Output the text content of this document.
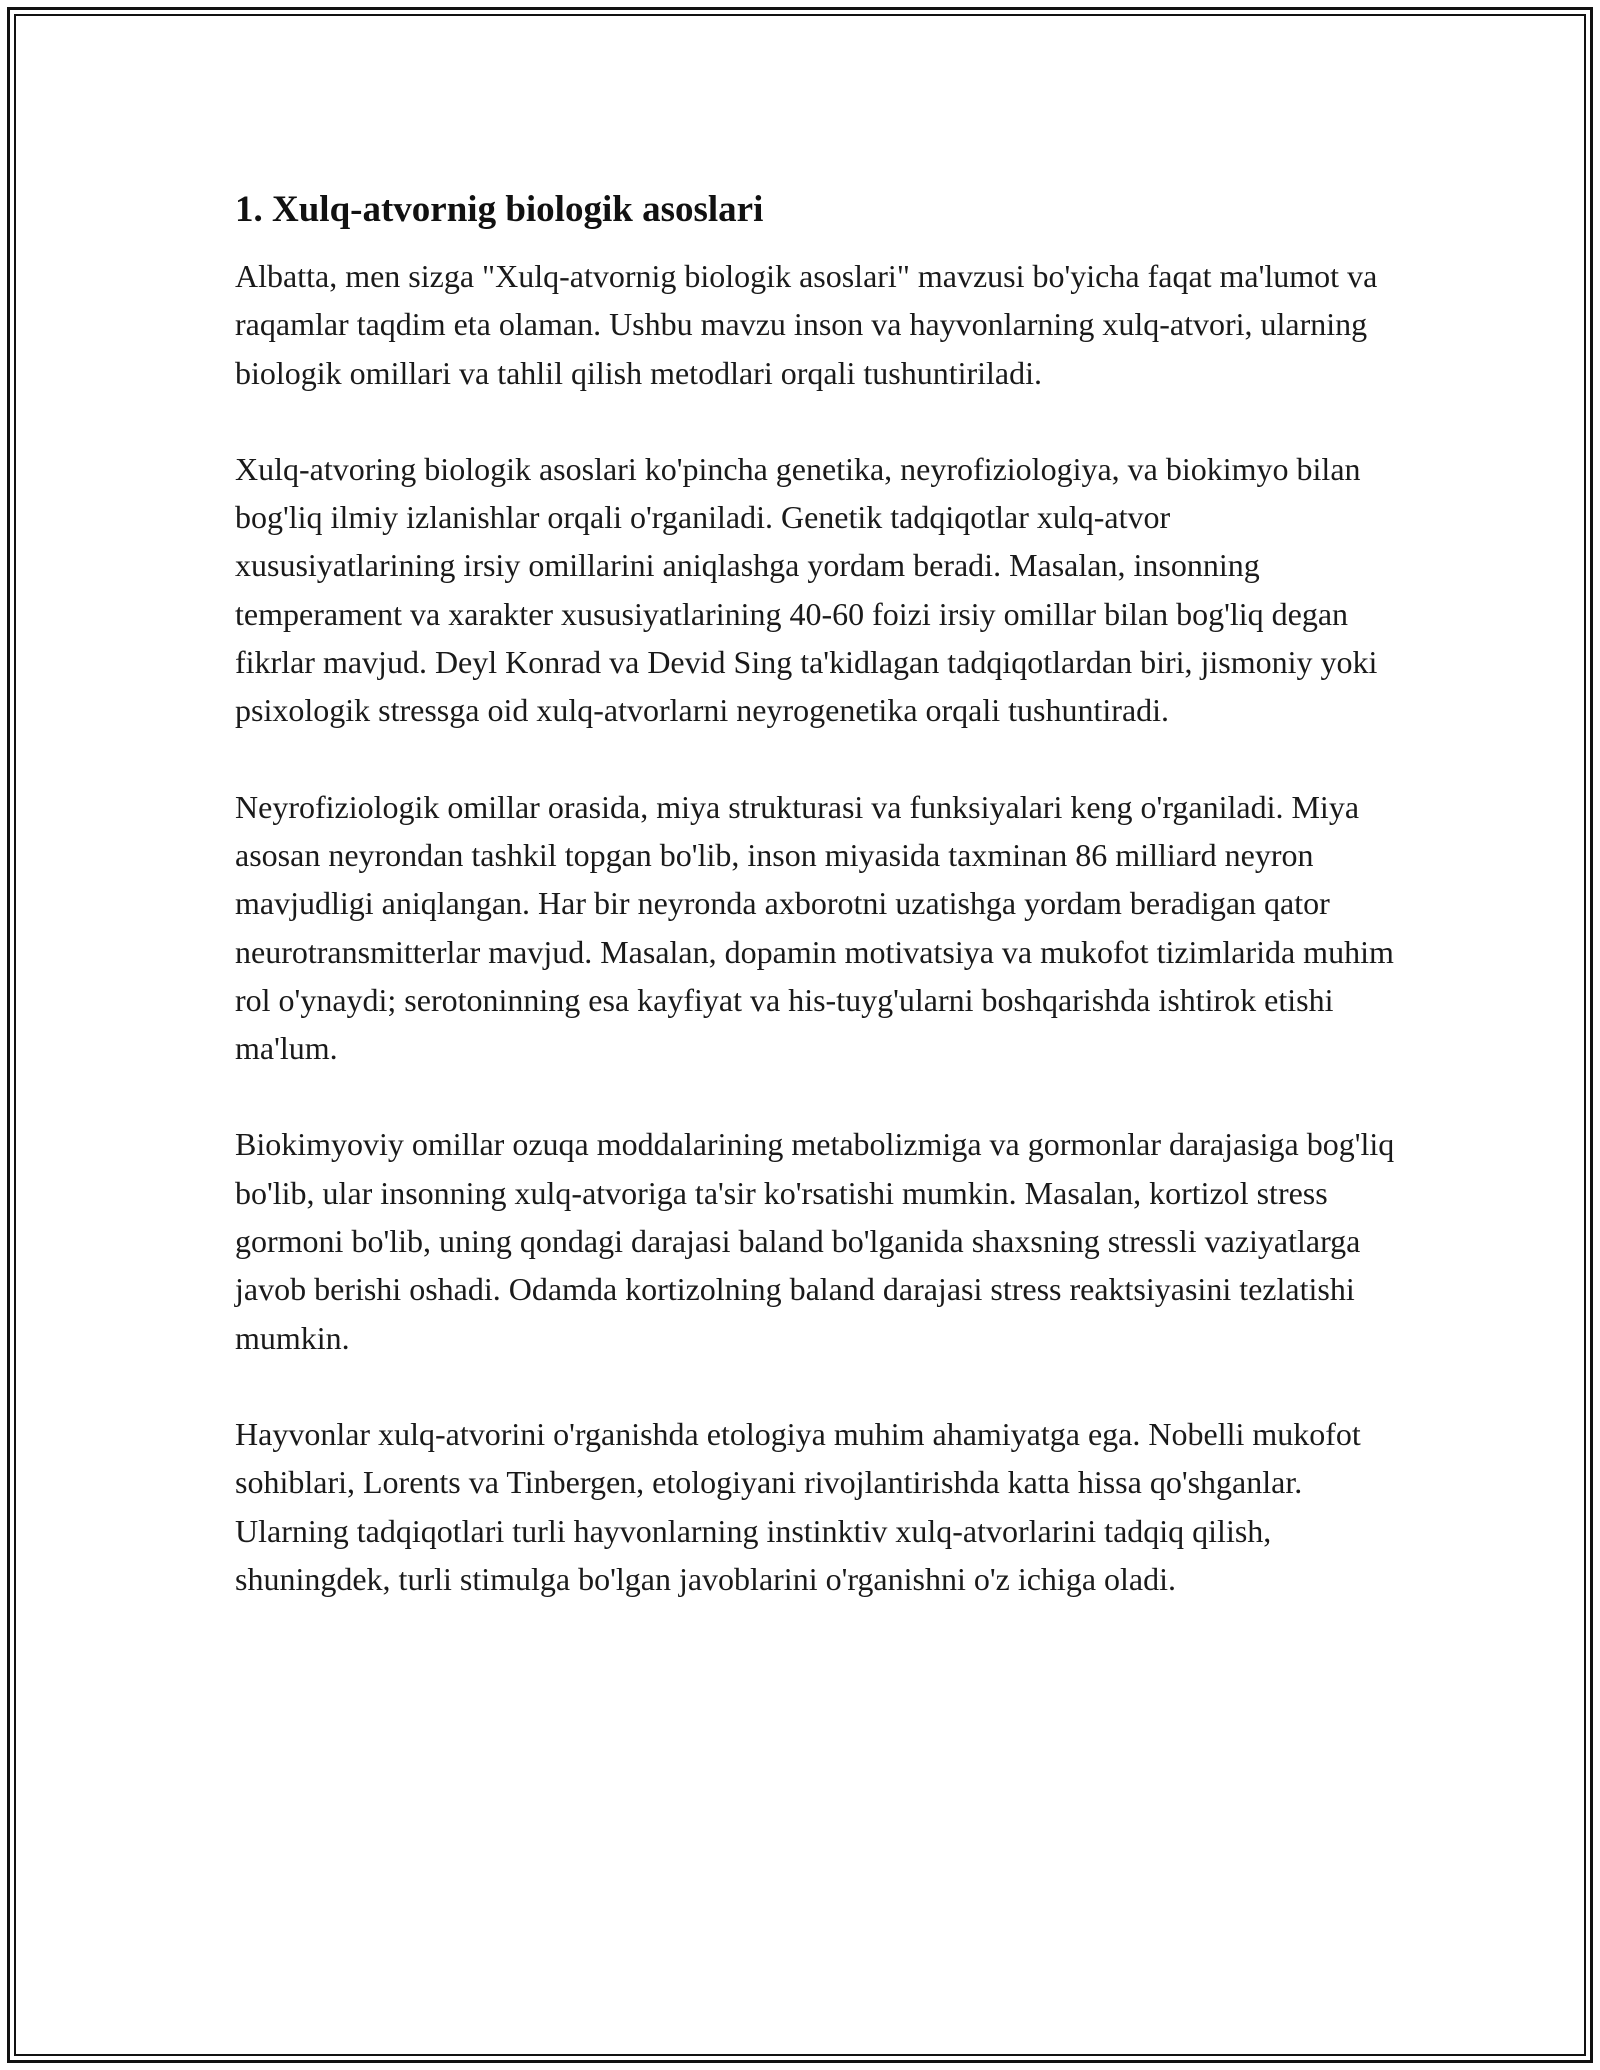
1. Xulq-atvornig biologik asoslari

Albatta, men sizga "Xulq-atvornig biologik asoslari" mavzusi bo'yicha faqat ma'lumot va raqamlar taqdim eta olaman. Ushbu mavzu inson va hayvonlarning xulq-atvori, ularning biologik omillari va tahlil qilish metodlari orqali tushuntiriladi.

Xulq-atvoring biologik asoslari ko'pincha genetika, neyrofiziologiya, va biokimyo bilan bog'liq ilmiy izlanishlar orqali o'rganiladi. Genetik tadqiqotlar xulq-atvor xususiyatlarining irsiy omillarini aniqlashga yordam beradi. Masalan, insonning temperament va xarakter xususiyatlarining 40-60 foizi irsiy omillar bilan bog'liq degan fikrlar mavjud. Deyl Konrad va Devid Sing ta'kidlagan tadqiqotlardan biri, jismoniy yoki psixologik stressga oid xulq-atvorlarni neyrogenetika orqali tushuntiradi.

Neyrofiziologik omillar orasida, miya strukturasi va funksiyalari keng o'rganiladi. Miya asosan neyrondan tashkil topgan bo'lib, inson miyasida taxminan 86 milliard neyron mavjudligi aniqlangan. Har bir neyronda axborotni uzatishga yordam beradigan qator neurotransmitterlar mavjud. Masalan, dopamin motivatsiya va mukofot tizimlarida muhim rol o'ynaydi; serotoninning esa kayfiyat va his-tuyg'ularni boshqarishda ishtirok etishi ma'lum.

Biokimyoviy omillar ozuqa moddalarining metabolizmiga va gormonlar darajasiga bog'liq bo'lib, ular insonning xulq-atvoriga ta'sir ko'rsatishi mumkin. Masalan, kortizol stress gormoni bo'lib, uning qondagi darajasi baland bo'lganida shaxsning stressli vaziyatlarga javob berishi oshadi. Odamda kortizolning baland darajasi stress reaktsiyasini tezlatishi mumkin.

Hayvonlar xulq-atvorini o'rganishda etologiya muhim ahamiyatga ega. Nobelli mukofot sohiblari, Lorents va Tinbergen, etologiyani rivojlantirishda katta hissa qo'shganlar. Ularning tadqiqotlari turli hayvonlarning instinktiv xulq-atvorlarini tadqiq qilish, shuningdek, turli stimulga bo'lgan javoblarini o'rganishni o'z ichiga oladi.
